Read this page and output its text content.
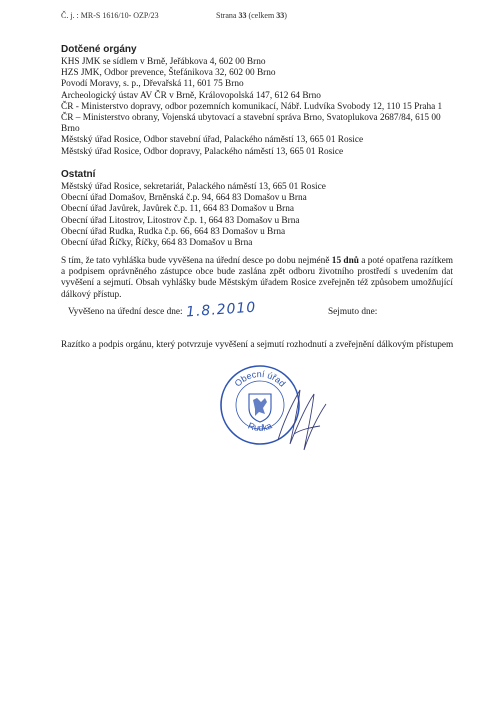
Č. j. : MR-S 1616/10- OZP/23	Strana 33 (celkem 33)
Dotčené orgány
KHS JMK se sídlem v Brně, Jeřábkova 4, 602 00 Brno
HZS JMK, Odbor prevence, Štefánikova 32, 602 00 Brno
Povodí Moravy, s. p., Dřevařská 11, 601 75 Brno
Archeologický ústav AV ČR v Brně, Královopolská 147, 612 64 Brno
ČR - Ministerstvo dopravy, odbor pozemních komunikací, Nábř. Ludvíka Svobody 12, 110 15 Praha 1
ČR – Ministerstvo obrany, Vojenská ubytovací a stavební správa Brno, Svatoplukova 2687/84, 615 00
Brno
Městský úřad Rosice, Odbor stavební úřad, Palackého náměstí 13, 665 01 Rosice
Městský úřad Rosice, Odbor dopravy, Palackého náměstí 13, 665 01 Rosice
Ostatní
Městský úřad Rosice, sekretariát, Palackého náměstí 13, 665 01 Rosice
Obecní úřad Domašov, Brněnská č.p. 94, 664 83 Domašov u Brna
Obecní úřad Javůrek, Javůrek č.p. 11, 664 83 Domašov u Brna
Obecní úřad Litostrov, Litostrov č.p. 1, 664 83 Domašov u Brna
Obecní úřad Rudka, Rudka č.p. 66, 664 83 Domašov u Brna
Obecní úřad Říčky, Říčky, 664 83 Domašov u Brna
S tím, že tato vyhláška bude vyvěšena na úřední desce po dobu nejméně 15 dnů a poté opatřena razítkem a podpisem oprávněného zástupce obce bude zaslána zpět odboru životního prostředí s uvedením dat vyvěšení a sejmutí. Obsah vyhlášky bude Městským úřadem Rosice zveřejněn též způsobem umožňující dálkový přístup.
Vyvěšeno na úřední desce dne: 1.8.2010	Sejmuto dne:
Razítko a podpis orgánu, který potvrzuje vyvěšení a sejmutí rozhodnutí a zveřejnění dálkovým přístupem
Obecní úřad
Rudka
